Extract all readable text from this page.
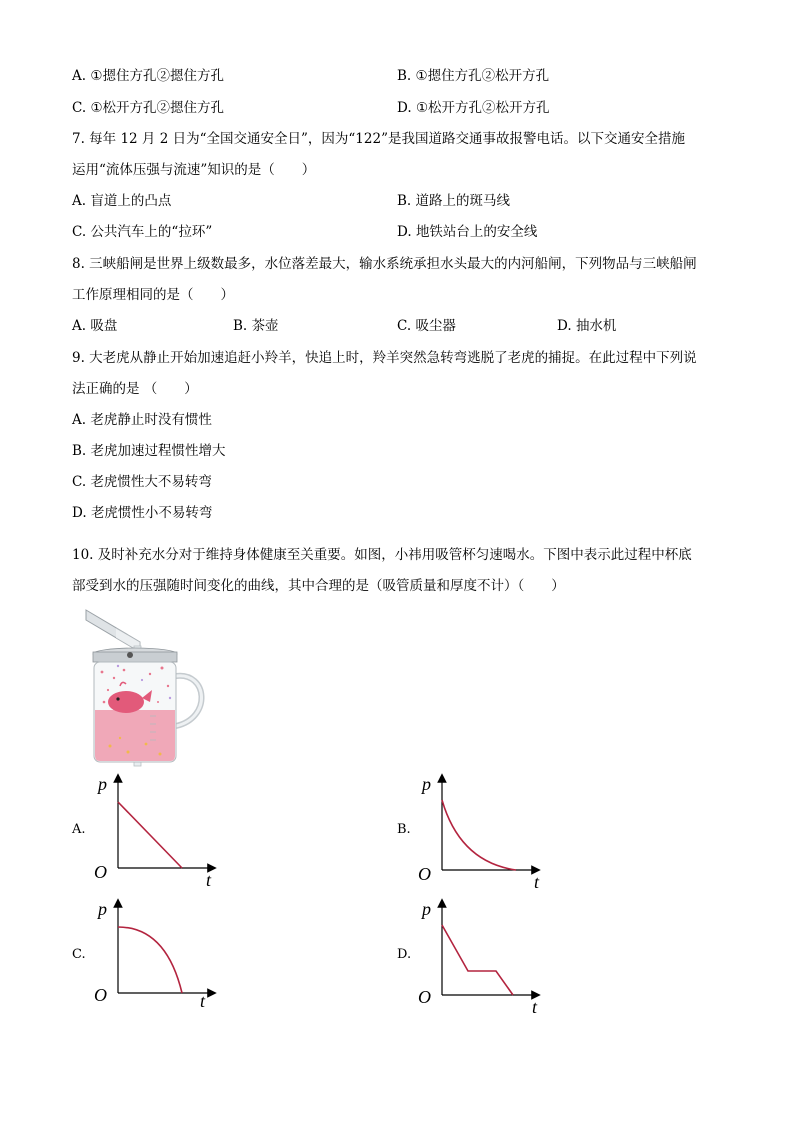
A. ①摁住方孔②摁住方孔	B. ①摁住方孔②松开方孔
C. ①松开方孔②摁住方孔	D. ①松开方孔②松开方孔
7. 每年 12 月 2 日为“全国交通安全日”，因为“122”是我国道路交通事故报警电话。以下交通安全措施
运用“流体压强与流速”知识的是（　　）
A. 盲道上的凸点	B. 道路上的斑马线
C. 公共汽车上的“拉环”	D. 地铁站台上的安全线
8. 三峡船闸是世界上级数最多，水位落差最大，输水系统承担水头最大的内河船闸，下列物品与三峡船闸
工作原理相同的是（　　）
A. 吸盘	B. 茶壶	C. 吸尘器	D. 抽水机
9. 大老虎从静止开始加速追赶小羚羊，快追上时，羚羊突然急转弯逃脱了老虎的捕捉。在此过程中下列说
法正确的是 （　　）
A. 老虎静止时没有惯性
B. 老虎加速过程惯性增大
C. 老虎惯性大不易转弯
D. 老虎惯性小不易转弯
10. 及时补充水分对于维持身体健康至关重要。如图，小祎用吸管杯匀速喝水。下图中表示此过程中杯底
部受到水的压强随时间变化的曲线，其中合理的是（吸管质量和厚度不计）（　　）
A.
p
O	t
B.
p
O	t
C.
p
O	t
D.
p
O	t
